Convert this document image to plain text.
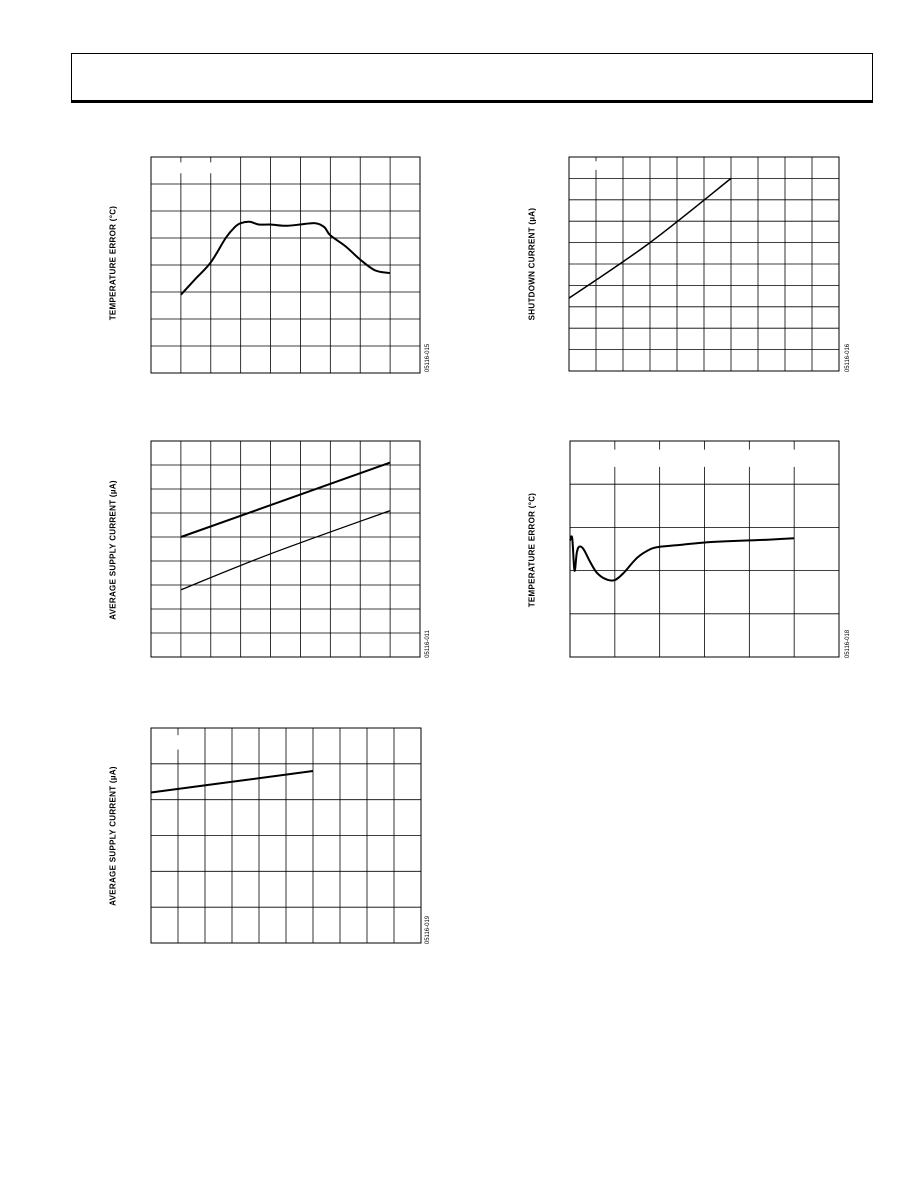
TEMPERATURE ERROR (°C)
05116-015
SHUTDOWN CURRENT (µA)
05116-016
AVERAGE SUPPLY CURRENT (µA)
05116-011
TEMPERATURE ERROR (°C)
05116-018
AVERAGE SUPPLY CURRENT (µA)
05116-019
